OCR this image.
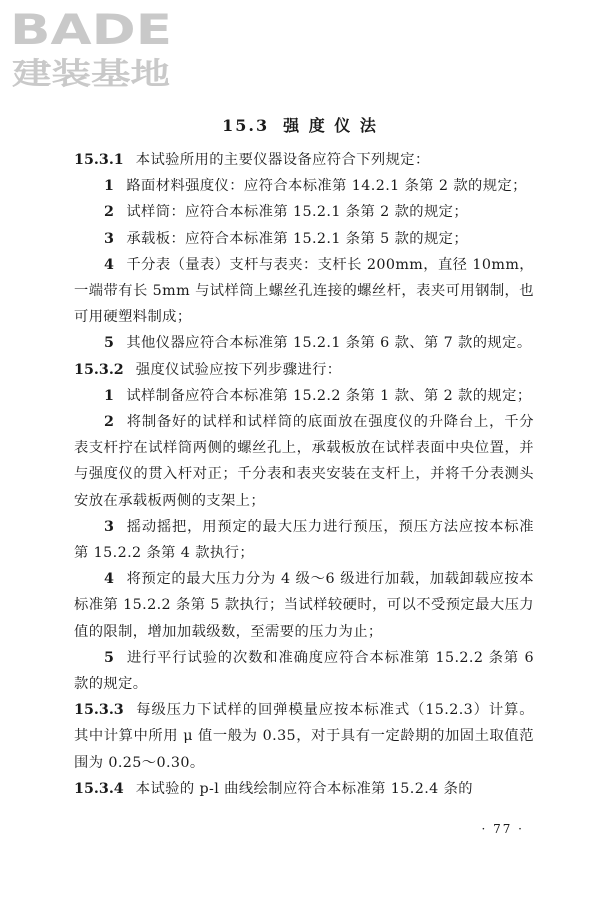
BADE
建装基地
15.3 强 度 仪 法

15.3.1 本试验所用的主要仪器设备应符合下列规定：

1 路面材料强度仪：应符合本标准第 14.2.1 条第 2 款的规定；

2 试样筒：应符合本标准第 15.2.1 条第 2 款的规定；

3 承载板：应符合本标准第 15.2.1 条第 5 款的规定；

4 千分表（量表）支杆与表夹：支杆长 200mm，直径 10mm，一端带有长 5mm 与试样筒上螺丝孔连接的螺丝杆，表夹可用钢制，也可用硬塑料制成；

5 其他仪器应符合本标准第 15.2.1 条第 6 款、第 7 款的规定。

15.3.2 强度仪试验应按下列步骤进行：

1 试样制备应符合本标准第 15.2.2 条第 1 款、第 2 款的规定；

2 将制备好的试样和试样筒的底面放在强度仪的升降台上，千分表支杆拧在试样筒两侧的螺丝孔上，承载板放在试样表面中央位置，并与强度仪的贯入杆对正；千分表和表夹安装在支杆上，并将千分表测头安放在承载板两侧的支架上；

3 摇动摇把，用预定的最大压力进行预压，预压方法应按本标准第 15.2.2 条第 4 款执行；

4 将预定的最大压力分为 4 级～6 级进行加载，加载卸载应按本标准第 15.2.2 条第 5 款执行；当试样较硬时，可以不受预定最大压力值的限制，增加加载级数，至需要的压力为止；

5 进行平行试验的次数和准确度应符合本标准第 15.2.2 条第 6 款的规定。

15.3.3 每级压力下试样的回弹模量应按本标准式（15.2.3）计算。其中计算中所用 μ 值一般为 0.35，对于具有一定龄期的加固土取值范围为 0.25～0.30。

15.3.4 本试验的 p-l 曲线绘制应符合本标准第 15.2.4 条的

· 77 ·
